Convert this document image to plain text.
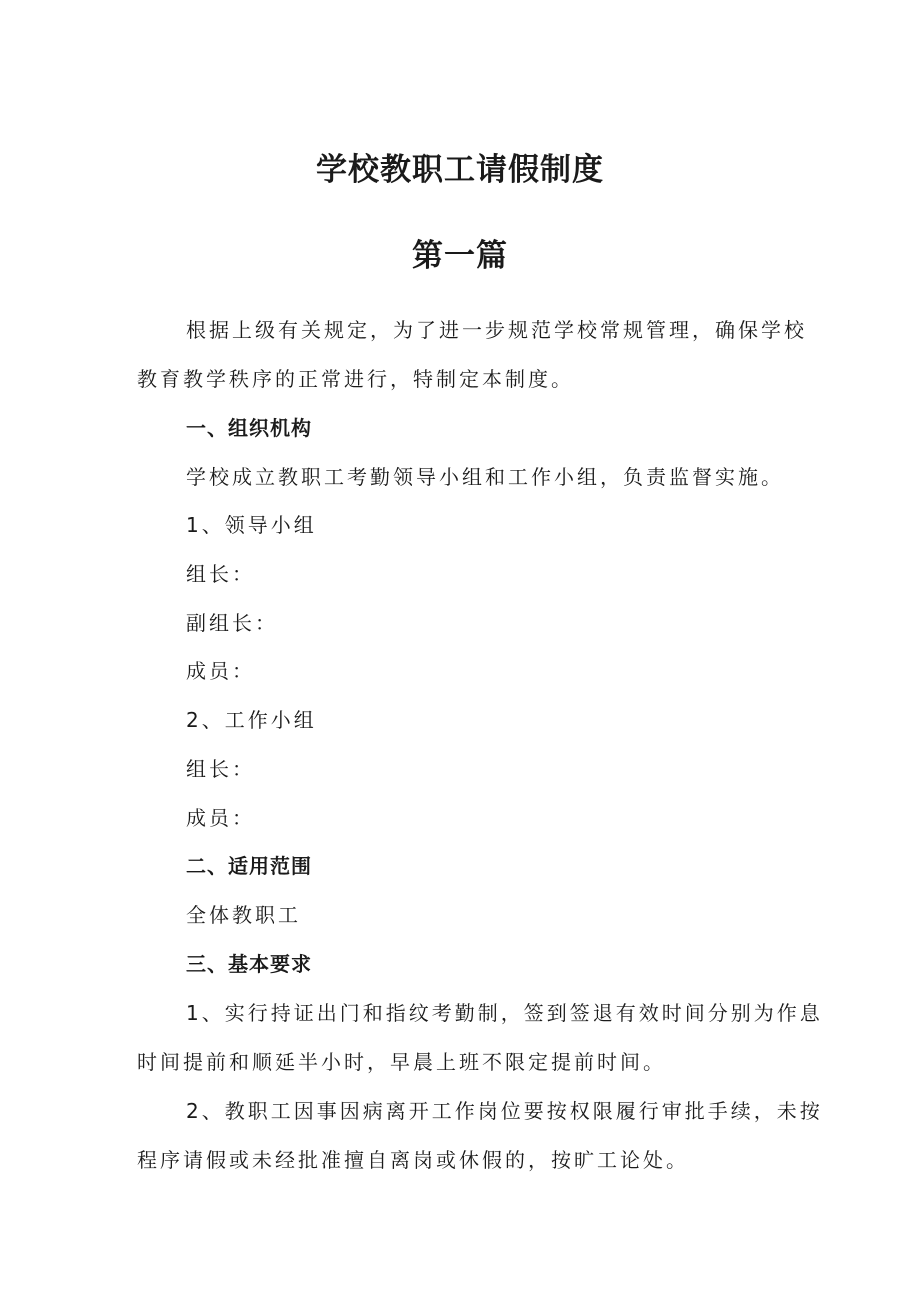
学校教职工请假制度
第一篇

根据上级有关规定，为了进一步规范学校常规管理，确保学校

教育教学秩序的正常进行，特制定本制度。

一、组织机构

学校成立教职工考勤领导小组和工作小组，负责监督实施。

1、领导小组

组长：

副组长：

成员：

2、工作小组

组长：

成员：

二、适用范围

全体教职工

三、基本要求

1、实行持证出门和指纹考勤制，签到签退有效时间分别为作息

时间提前和顺延半小时，早晨上班不限定提前时间。

2、教职工因事因病离开工作岗位要按权限履行审批手续，未按

程序请假或未经批准擅自离岗或休假的，按旷工论处。
